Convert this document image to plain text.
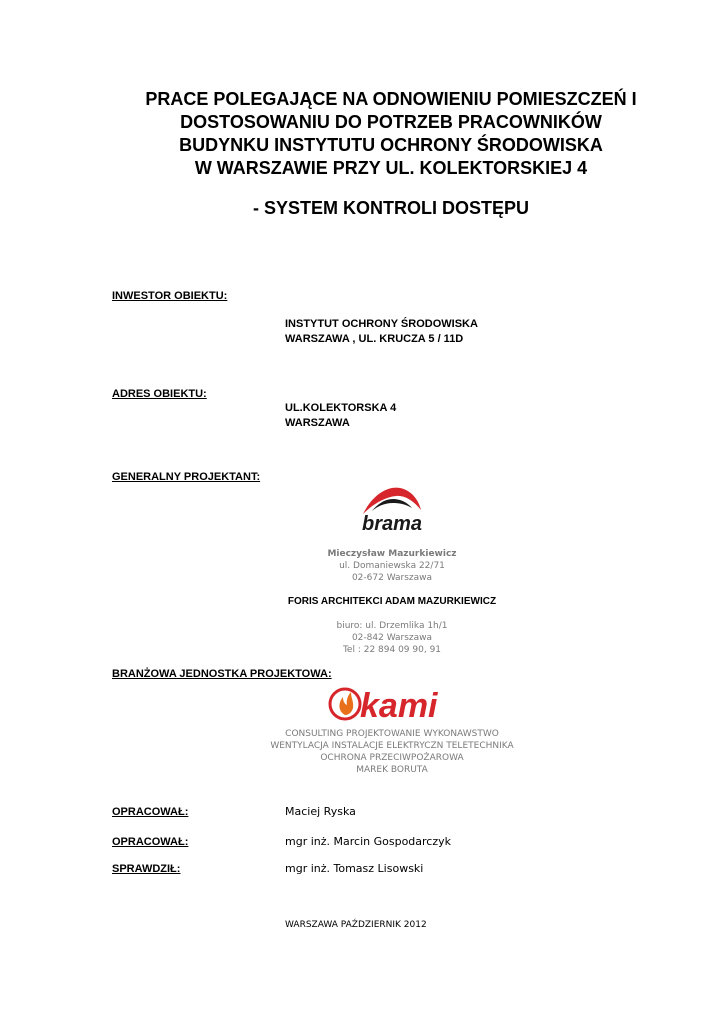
PRACE POLEGAJĄCE NA ODNOWIENIU POMIESZCZEŃ I
DOSTOSOWANIU DO POTRZEB PRACOWNIKÓW
BUDYNKU INSTYTUTU OCHRONY ŚRODOWISKA
W WARSZAWIE PRZY UL. KOLEKTORSKIEJ 4
- SYSTEM KONTROLI DOSTĘPU
INWESTOR OBIEKTU:
INSTYTUT OCHRONY ŚRODOWISKA
WARSZAWA , UL. KRUCZA 5 / 11D
ADRES OBIEKTU:
UL.KOLEKTORSKA 4
WARSZAWA
GENERALNY PROJEKTANT:
brama
Mieczysław Mazurkiewicz
ul. Domaniewska 22/71
02-672 Warszawa
FORIS ARCHITEKCI ADAM MAZURKIEWICZ
biuro: ul. Drzemlika 1h/1
02-842 Warszawa
Tel : 22 894 09 90, 91
BRANŻOWA JEDNOSTKA PROJEKTOWA:
kami
CONSULTING PROJEKTOWANIE WYKONAWSTWO
WENTYLACJA INSTALACJE ELEKTRYCZN TELETECHNIKA
OCHRONA PRZECIWPOŻAROWA
MAREK BORUTA
OPRACOWAŁ:	Maciej Ryska
OPRACOWAŁ:	mgr inż. Marcin Gospodarczyk
SPRAWDZIŁ:	mgr inż. Tomasz Lisowski
WARSZAWA PAŹDZIERNIK 2012
